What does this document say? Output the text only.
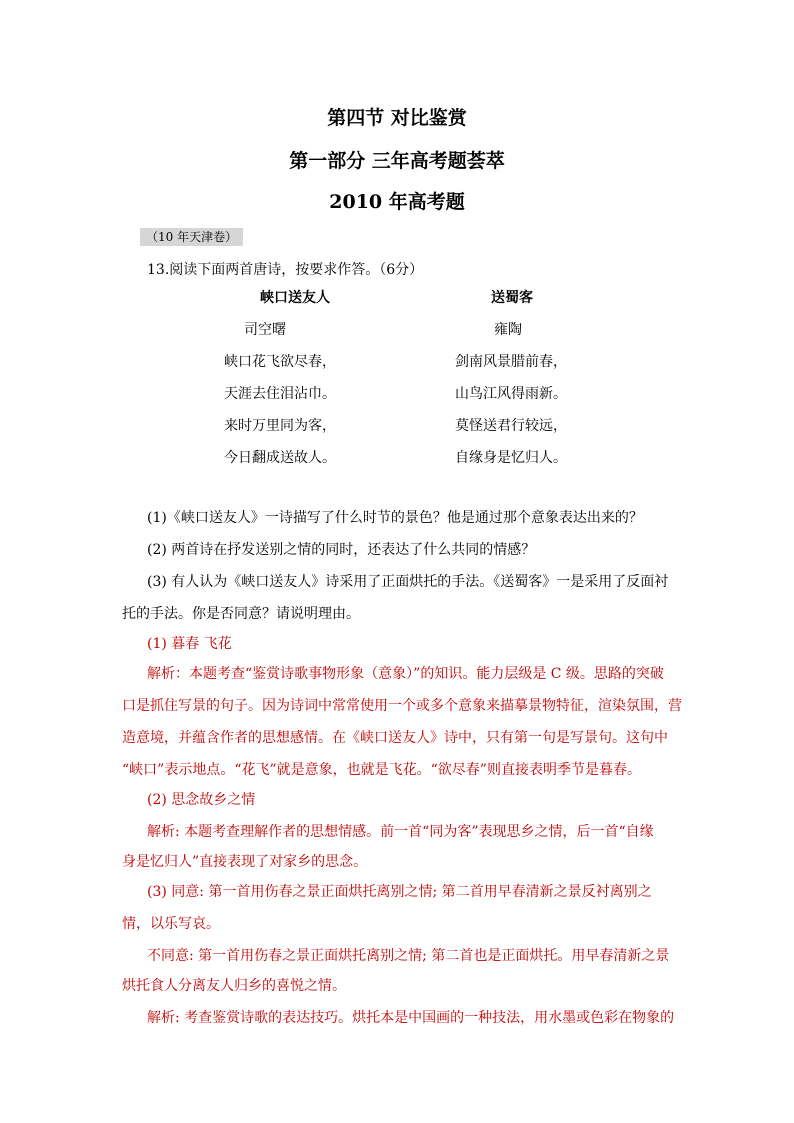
第四节 对比鉴赏
第一部分 三年高考题荟萃
2010 年高考题
（10 年天津卷）
13.阅读下面两首唐诗，按要求作答。（6分）
峡口送友人
司空曙
峡口花飞欲尽春，
天涯去住泪沾巾。
来时万里同为客，
今日翻成送故人。
送蜀客
雍陶
剑南风景腊前春，
山鸟江风得雨新。
莫怪送君行较远，
自缘身是忆归人。
(1)《峡口送友人》一诗描写了什么时节的景色？他是通过那个意象表达出来的？
(2) 两首诗在抒发送别之情的同时，还表达了什么共同的情感？
(3) 有人认为《峡口送友人》诗采用了正面烘托的手法。《送蜀客》一是采用了反面衬
托的手法。你是否同意？请说明理由。
(1) 暮春 飞花
解析：本题考查“鉴赏诗歌事物形象（意象）”的知识。能力层级是 C 级。思路的突破
口是抓住写景的句子。因为诗词中常常使用一个或多个意象来描摹景物特征，渲染氛围，营
造意境，并蕴含作者的思想感情。在《峡口送友人》诗中，只有第一句是写景句。这句中
“峡口”表示地点。“花飞”就是意象，也就是飞花。“欲尽春”则直接表明季节是暮春。
(2) 思念故乡之情
解析: 本题考查理解作者的思想情感。前一首“同为客”表现思乡之情，后一首“自缘
身是忆归人”直接表现了对家乡的思念。
(3) 同意: 第一首用伤春之景正面烘托离别之情; 第二首用早春清新之景反衬离别之
情，以乐写哀。
不同意: 第一首用伤春之景正面烘托离别之情; 第二首也是正面烘托。用早春清新之景
烘托食人分离友人归乡的喜悦之情。
解析: 考查鉴赏诗歌的表达技巧。烘托本是中国画的一种技法，用水墨或色彩在物象的
